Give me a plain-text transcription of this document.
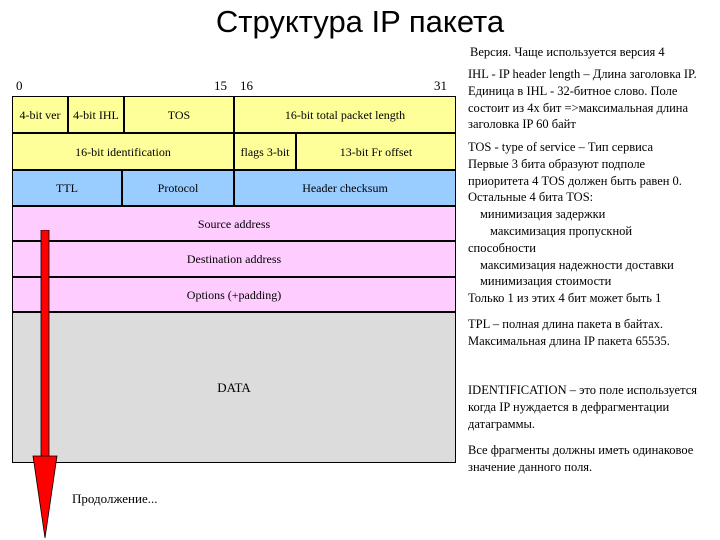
Структура IP пакета
0	15 16	31
4-bit ver	4-bit IHL	TOS	16-bit total packet length
16-bit identification	flags 3-bit	13-bit Fr offset
TTL	Protocol	Header checksum
Source address
Destination address
Options (+padding)
DATA
Продолжение...
Версия. Чаще используется версия 4
IHL - IP header length – Длина заголовка IP. Единица в IHL - 32-битное слово. Поле состоит из 4х бит =>максимальная длина заголовка IP 60 байт
TOS - type of service – Тип сервиса
Первые 3 бита образуют подполе
приоритета 4 TOS должен быть равен 0.
Остальные 4 бита TOS:
минимизация задержки
максимизация пропускной
способности
максимизация надежности доставки
минимизация стоимости
Только 1 из этих 4 бит может быть 1
TPL – полная длина пакета в байтах. Максимальная длина IP пакета 65535.
IDENTIFICATION – это поле используется когда IP нуждается в дефрагментации датаграммы.
Все фрагменты должны иметь одинаковое значение данного поля.
